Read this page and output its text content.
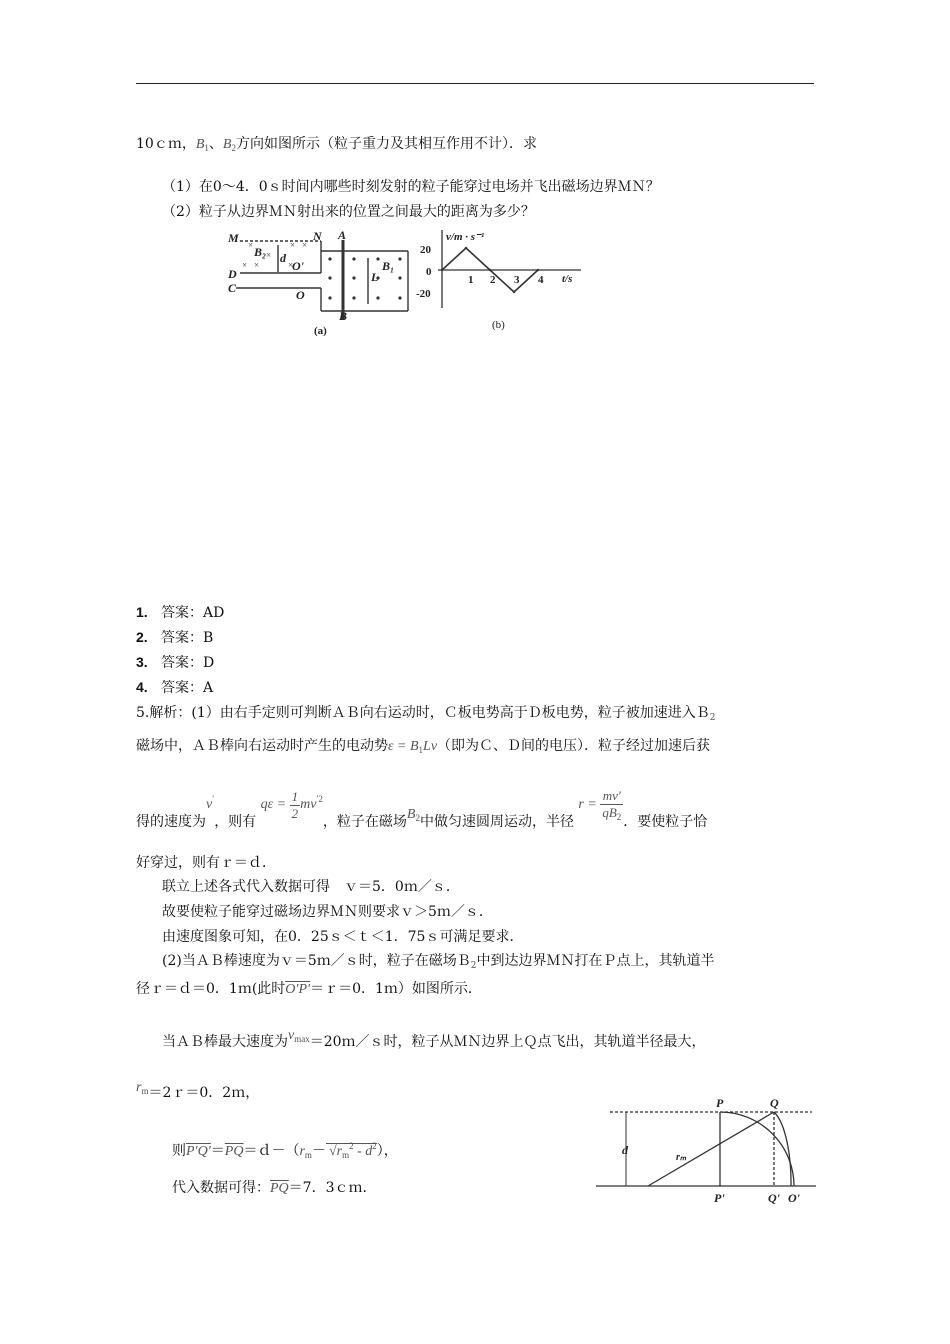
10ｃｍ，$B_1$、$B_2$方向如图所示（粒子重力及其相互作用不计）．求
（1）在0～4．0ｓ时间内哪些时刻发射的粒子能穿过电场并飞出磁场边界ＭＮ？
（2）粒子从边界ＭＮ射出来的位置之间最大的距离为多少？
×
×
× ×
× ×	×
M	N A
B₂ d
O'
L
B₁
D
C	O
B
(a)
v/m · s⁻¹
t/s
20
0
-20
1 2 3 4
(b)
1. 答案：AD
2. 答案：B
3. 答案：D
4. 答案：A
5.解析：(1）由右手定则可判断ＡＢ向右运动时，Ｃ板电势高于Ｄ板电势，粒子被加速进入Ｂ$_2$
磁场中，ＡＢ棒向右运动时产生的电动势$\varepsilon = B_1Lv$（即为Ｃ、Ｄ间的电压）．粒子经过加速后获
得的速度为v′，则有 $q\varepsilon = \frac{1}{2} mv^{'2}$，粒子在磁场$B_2$中做匀速圆周运动，半径 $r = \frac{mv'}{qB_2}$
．要使粒子恰
好穿过，则有ｒ＝ｄ．
联立上述各式代入数据可得　ｖ＝5．0ｍ／ｓ．
故要使粒子能穿过磁场边界ＭＮ则要求ｖ＞5ｍ／ｓ．
由速度图象可知，在0．25ｓ＜ｔ＜1．75ｓ可满足要求．
(2)当ＡＢ棒速度为ｖ＝5ｍ／ｓ时，粒子在磁场Ｂ$_2$中到达边界ＭＮ打在Ｐ点上，其轨道半
径ｒ＝ｄ＝0．1ｍ(此时O′P′＝ｒ＝0．1ｍ）如图所示．
当ＡＢ棒最大速度为$v_{max}=20m/s$时，粒子从ＭＮ边界上Ｑ点飞出，其轨道半径最大，
$r_m=2r=0$．2ｍ，
则$P'Q'=\overline{PQ}=d-(r_m- √r_m^2 - d^2)$，
代入数据可得：$\overline{PQ}=7$．3ｃｍ．
P	Q
d
rₘ
P'	Q' O'
